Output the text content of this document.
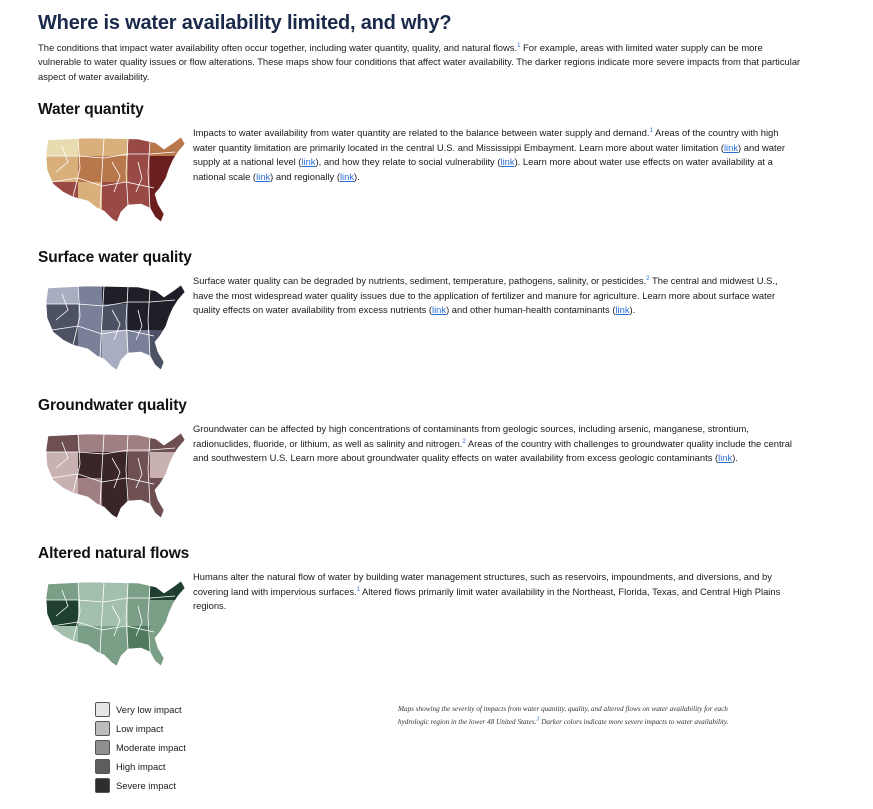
Where is water availability limited, and why?

The conditions that impact water availability often occur together, including water quantity, quality, and natural flows.$^1$ For example, areas with limited water supply can be more vulnerable to water quality issues or flow alterations. These maps show four conditions that affect water availability. The darker regions indicate more severe impacts from that particular aspect of water availability.

Water quantity

Impacts to water availability from water quantity are related to the balance between water supply and demand.$^1$ Areas of the country with high water quantity limitation are primarily located in the central U.S. and Mississippi Embayment. Learn more about water limitation (link) and water supply at a national level (link), and how they relate to social vulnerability (link). Learn more about water use effects on water availability at a national scale (link) and regionally (link).

Surface water quality

Surface water quality can be degraded by nutrients, sediment, temperature, pathogens, salinity, or pesticides.$^2$ The central and midwest U.S., have the most widespread water quality issues due to the application of fertilizer and manure for agriculture. Learn more about surface water quality effects on water availability from excess nutrients (link) and other human-health contaminants (link).

Groundwater quality

Groundwater can be affected by high concentrations of contaminants from geologic sources, including arsenic, manganese, strontium, radionuclides, fluoride, or lithium, as well as salinity and nitrogen.$^2$ Areas of the country with challenges to groundwater quality include the central and southwestern U.S. Learn more about groundwater quality effects on water availability from excess geologic contaminants (link).

Altered natural flows

Humans alter the natural flow of water by building water management structures, such as reservoirs, impoundments, and diversions, and by covering land with impervious surfaces.$^1$ Altered flows primarily limit water availability in the Northeast, Florida, Texas, and Central High Plains regions.

Very low impact
Low impact
Moderate impact
High impact
Severe impact

Maps showing the severity of impacts from water quantity, quality, and altered flows on water availability for each hydrologic region in the lower 48 United States.$^3$ Darker colors indicate more severe impacts to water availability.
